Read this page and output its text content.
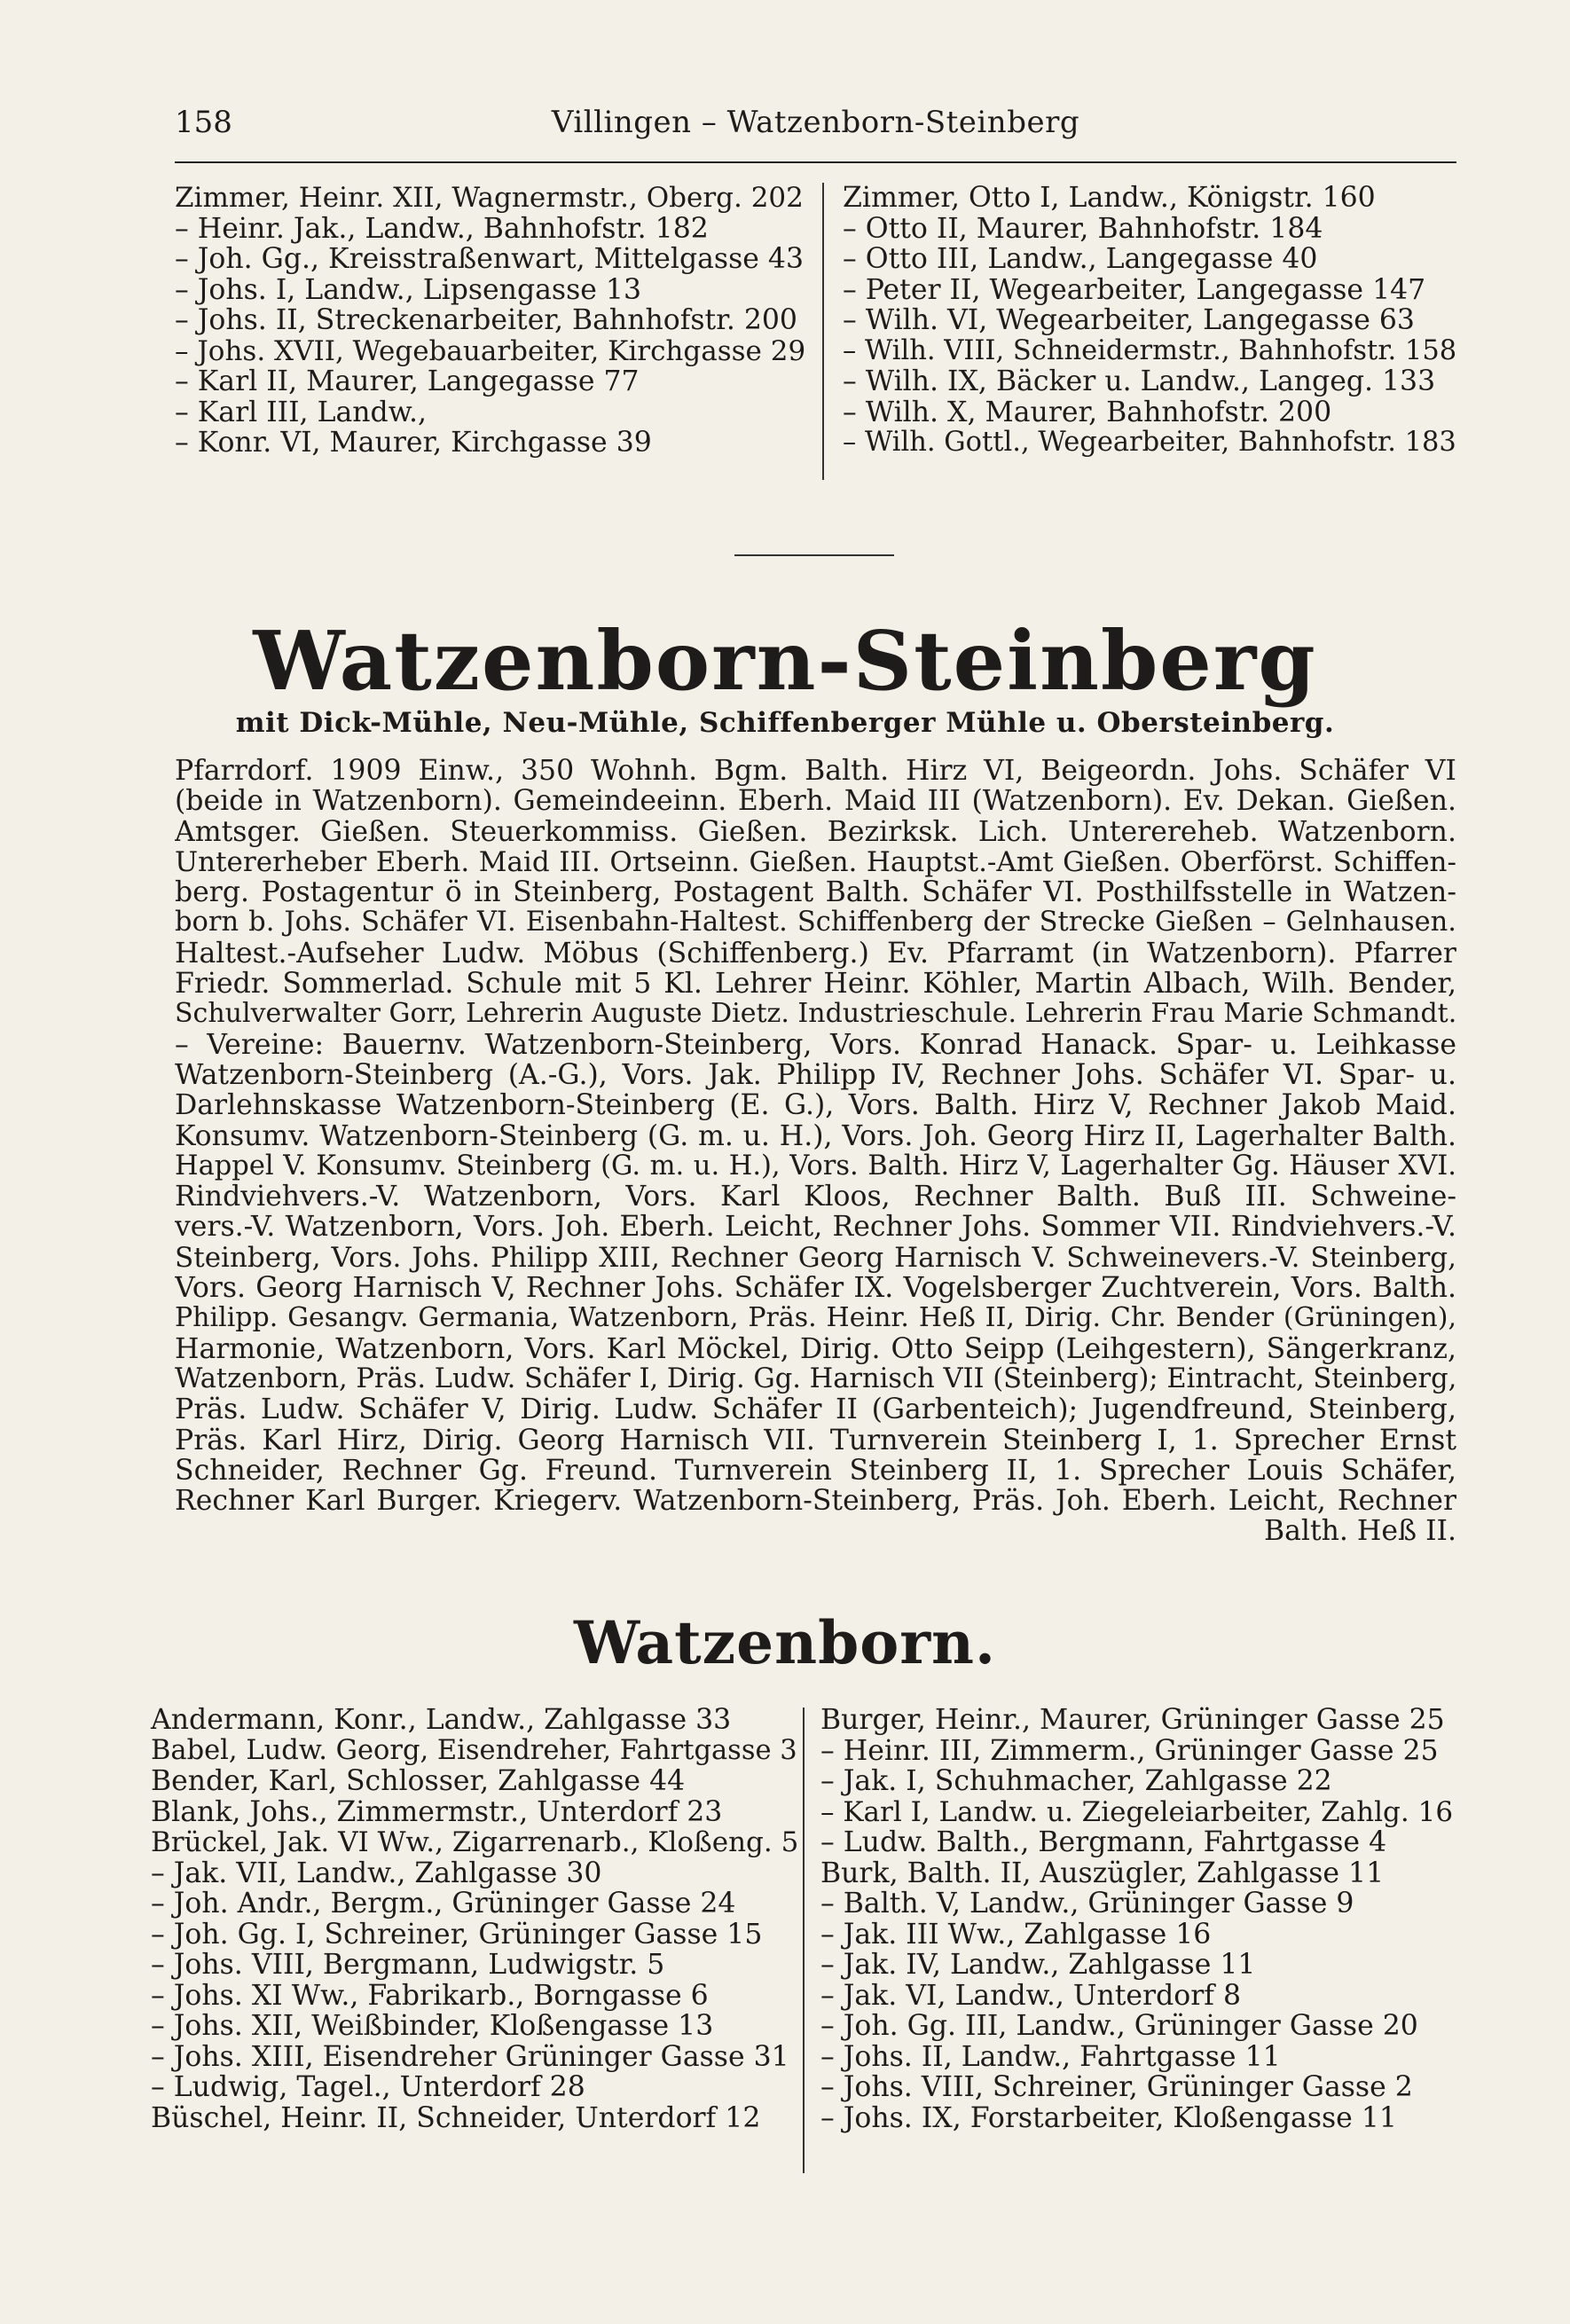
158	Villingen – Watzenborn-Steinberg
Zimmer, Heinr. XII, Wagnermstr., Oberg. 202
– Heinr. Jak., Landw., Bahnhofstr. 182
– Joh. Gg., Kreisstraßenwart, Mittelgasse 43
– Johs. I, Landw., Lipsengasse 13
– Johs. II, Streckenarbeiter, Bahnhofstr. 200
– Johs. XVII, Wegebauarbeiter, Kirchgasse 29
– Karl II, Maurer, Langegasse 77
– Karl III, Landw.,
– Konr. VI, Maurer, Kirchgasse 39
Zimmer, Otto I, Landw., Königstr. 160
– Otto II, Maurer, Bahnhofstr. 184
– Otto III, Landw., Langegasse 40
– Peter II, Wegearbeiter, Langegasse 147
– Wilh. VI, Wegearbeiter, Langegasse 63
– Wilh. VIII, Schneidermstr., Bahnhofstr. 158
– Wilh. IX, Bäcker u. Landw., Langeg. 133
– Wilh. X, Maurer, Bahnhofstr. 200
– Wilh. Gottl., Wegearbeiter, Bahnhofstr. 183
Watzenborn-Steinberg
mit Dick-Mühle, Neu-Mühle, Schiffenberger Mühle u. Obersteinberg.
Pfarrdorf. 1909 Einw., 350 Wohnh. Bgm. Balth. Hirz VI, Beigeordn. Johs. Schäfer VI
(beide in Watzenborn). Gemeindeeinn. Eberh. Maid III (Watzenborn). Ev. Dekan. Gießen.
Amtsger. Gießen. Steuerkommiss. Gießen. Bezirksk. Lich. Unterereheb. Watzenborn.
Untererheber Eberh. Maid III. Ortseinn. Gießen. Hauptst.-Amt Gießen. Oberförst. Schiffen-
berg. Postagentur ö in Steinberg, Postagent Balth. Schäfer VI. Posthilfsstelle in Watzen-
born b. Johs. Schäfer VI. Eisenbahn-Haltest. Schiffenberg der Strecke Gießen – Gelnhausen.
Haltest.-Aufseher Ludw. Möbus (Schiffenberg.) Ev. Pfarramt (in Watzenborn). Pfarrer
Friedr. Sommerlad. Schule mit 5 Kl. Lehrer Heinr. Köhler, Martin Albach, Wilh. Bender,
Schulverwalter Gorr, Lehrerin Auguste Dietz. Industrieschule. Lehrerin Frau Marie Schmandt.
– Vereine: Bauernv. Watzenborn-Steinberg, Vors. Konrad Hanack. Spar- u. Leihkasse
Watzenborn-Steinberg (A.-G.), Vors. Jak. Philipp IV, Rechner Johs. Schäfer VI. Spar- u.
Darlehnskasse Watzenborn-Steinberg (E. G.), Vors. Balth. Hirz V, Rechner Jakob Maid.
Konsumv. Watzenborn-Steinberg (G. m. u. H.), Vors. Joh. Georg Hirz II, Lagerhalter Balth.
Happel V. Konsumv. Steinberg (G. m. u. H.), Vors. Balth. Hirz V, Lagerhalter Gg. Häuser XVI.
Rindviehvers.-V. Watzenborn, Vors. Karl Kloos, Rechner Balth. Buß III. Schweine-
vers.-V. Watzenborn, Vors. Joh. Eberh. Leicht, Rechner Johs. Sommer VII. Rindviehvers.-V.
Steinberg, Vors. Johs. Philipp XIII, Rechner Georg Harnisch V. Schweinevers.-V. Steinberg,
Vors. Georg Harnisch V, Rechner Johs. Schäfer IX. Vogelsberger Zuchtverein, Vors. Balth.
Philipp. Gesangv. Germania, Watzenborn, Präs. Heinr. Heß II, Dirig. Chr. Bender (Grüningen),
Harmonie, Watzenborn, Vors. Karl Möckel, Dirig. Otto Seipp (Leihgestern), Sängerkranz,
Watzenborn, Präs. Ludw. Schäfer I, Dirig. Gg. Harnisch VII (Steinberg); Eintracht, Steinberg,
Präs. Ludw. Schäfer V, Dirig. Ludw. Schäfer II (Garbenteich); Jugendfreund, Steinberg,
Präs. Karl Hirz, Dirig. Georg Harnisch VII. Turnverein Steinberg I, 1. Sprecher Ernst
Schneider, Rechner Gg. Freund. Turnverein Steinberg II, 1. Sprecher Louis Schäfer,
Rechner Karl Burger. Kriegerv. Watzenborn-Steinberg, Präs. Joh. Eberh. Leicht, Rechner
Balth. Heß II.
Watzenborn.
Andermann, Konr., Landw., Zahlgasse 33
Babel, Ludw. Georg, Eisendreher, Fahrtgasse 3
Bender, Karl, Schlosser, Zahlgasse 44
Blank, Johs., Zimmermstr., Unterdorf 23
Brückel, Jak. VI Ww., Zigarrenarb., Kloßeng. 5
– Jak. VII, Landw., Zahlgasse 30
– Joh. Andr., Bergm., Grüninger Gasse 24
– Joh. Gg. I, Schreiner, Grüninger Gasse 15
– Johs. VIII, Bergmann, Ludwigstr. 5
– Johs. XI Ww., Fabrikarb., Borngasse 6
– Johs. XII, Weißbinder, Kloßengasse 13
– Johs. XIII, Eisendreher Grüninger Gasse 31
– Ludwig, Tagel., Unterdorf 28
Büschel, Heinr. II, Schneider, Unterdorf 12
Burger, Heinr., Maurer, Grüninger Gasse 25
– Heinr. III, Zimmerm., Grüninger Gasse 25
– Jak. I, Schuhmacher, Zahlgasse 22
– Karl I, Landw. u. Ziegeleiarbeiter, Zahlg. 16
– Ludw. Balth., Bergmann, Fahrtgasse 4
Burk, Balth. II, Auszügler, Zahlgasse 11
– Balth. V, Landw., Grüninger Gasse 9
– Jak. III Ww., Zahlgasse 16
– Jak. IV, Landw., Zahlgasse 11
– Jak. VI, Landw., Unterdorf 8
– Joh. Gg. III, Landw., Grüninger Gasse 20
– Johs. II, Landw., Fahrtgasse 11
– Johs. VIII, Schreiner, Grüninger Gasse 2
– Johs. IX, Forstarbeiter, Kloßengasse 11
